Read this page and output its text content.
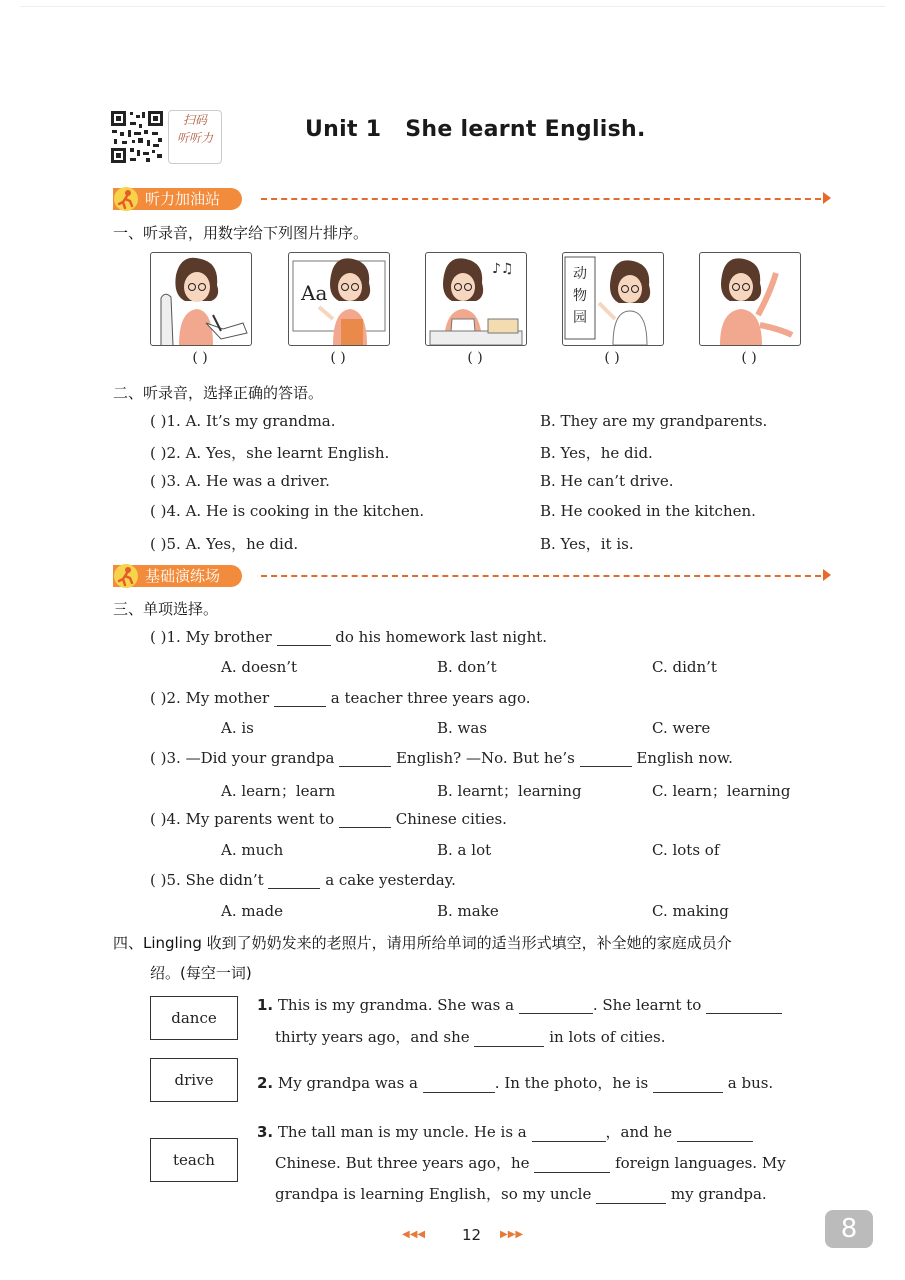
扫码
听听力	Unit 1   She learnt English.
听力加油站
一、听录音，用数字给下列图片排序。
Aa
♪♫	动物园
( )	( )	( )	( )	( )
二、听录音，选择正确的答语。
( )1. A. It’s my grandma.	B. They are my grandparents.
( )2. A. Yes，she learnt English.	B. Yes，he did.
( )3. A. He was a driver.	B. He can’t drive.
( )4. A. He is cooking in the kitchen.	B. He cooked in the kitchen.
( )5. A. Yes，he did.	B. Yes，it is.
基础演练场
三、单项选择。
( )1. My brother	do his homework last night.
A. doesn’t	B. don’t	C. didn’t
( )2. My mother	a teacher three years ago.
A. is	B. was	C. were
( )3. —Did your grandpa	English? —No. But he’s	English now.
A. learn；learn	B. learnt；learning	C. learn；learning
( )4. My parents went to	Chinese cities.
A. much	B. a lot	C. lots of
( )5. She didn’t	a cake yesterday.
A. made	B. make	C. making
四、Lingling 收到了奶奶发来的老照片，请用所给单词的适当形式填空，补全她的家庭成员介
绍。(每空一词)
dance
drive
teach
1. This is my grandma. She was a	. She learnt to
thirty years ago，and she	in lots of cities.
2. My grandpa was a	. In the photo，he is	a bus.
3. The tall man is my uncle. He is a	，and he
Chinese. But three years ago，he	foreign languages. My
grandpa is learning English，so my uncle	my grandpa.
◀◀◀ 12 ▶▶▶	8
